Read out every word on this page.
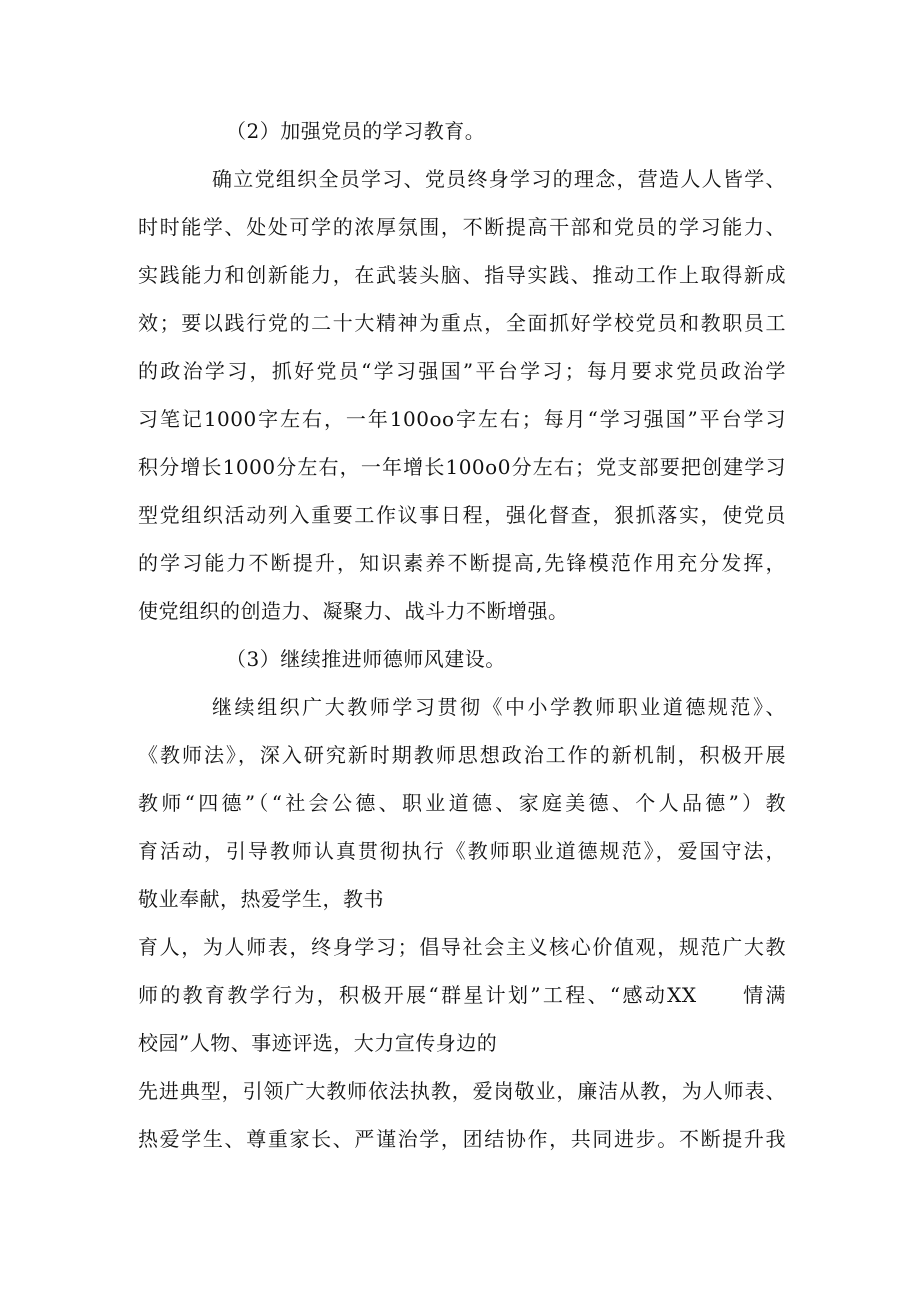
（2）加强党员的学习教育。
确立党组织全员学习、党员终身学习的理念，营造人人皆学、
时时能学、处处可学的浓厚氛围，不断提高干部和党员的学习能力、
实践能力和创新能力，在武装头脑、指导实践、推动工作上取得新成
效；要以践行党的二十大精神为重点，全面抓好学校党员和教职员工
的政治学习，抓好党员“学习强国”平台学习；每月要求党员政治学
习笔记1000字左右，一年100oo字左右；每月“学习强国”平台学习
积分增长1000分左右，一年增长100o0分左右；党支部要把创建学习
型党组织活动列入重要工作议事日程，强化督查，狠抓落实，使党员
的学习能力不断提升，知识素养不断提高,先锋模范作用充分发挥，
使党组织的创造力、凝聚力、战斗力不断增强。
（3）继续推进师德师风建设。
继续组织广大教师学习贯彻《中小学教师职业道德规范》、
《教师法》，深入研究新时期教师思想政治工作的新机制，积极开展
教师“四德”（“社会公德、职业道德、家庭美德、个人品德”）教
育活动，引导教师认真贯彻执行《教师职业道德规范》，爱国守法，
敬业奉献，热爱学生，教书
育人，为人师表，终身学习；倡导社会主义核心价值观，规范广大教
师的教育教学行为，积极开展“群星计划”工程、“感动XX　　情满
校园”人物、事迹评选，大力宣传身边的
先进典型，引领广大教师依法执教，爱岗敬业，廉洁从教，为人师表、
热爱学生、尊重家长、严谨治学，团结协作，共同进步。不断提升我
